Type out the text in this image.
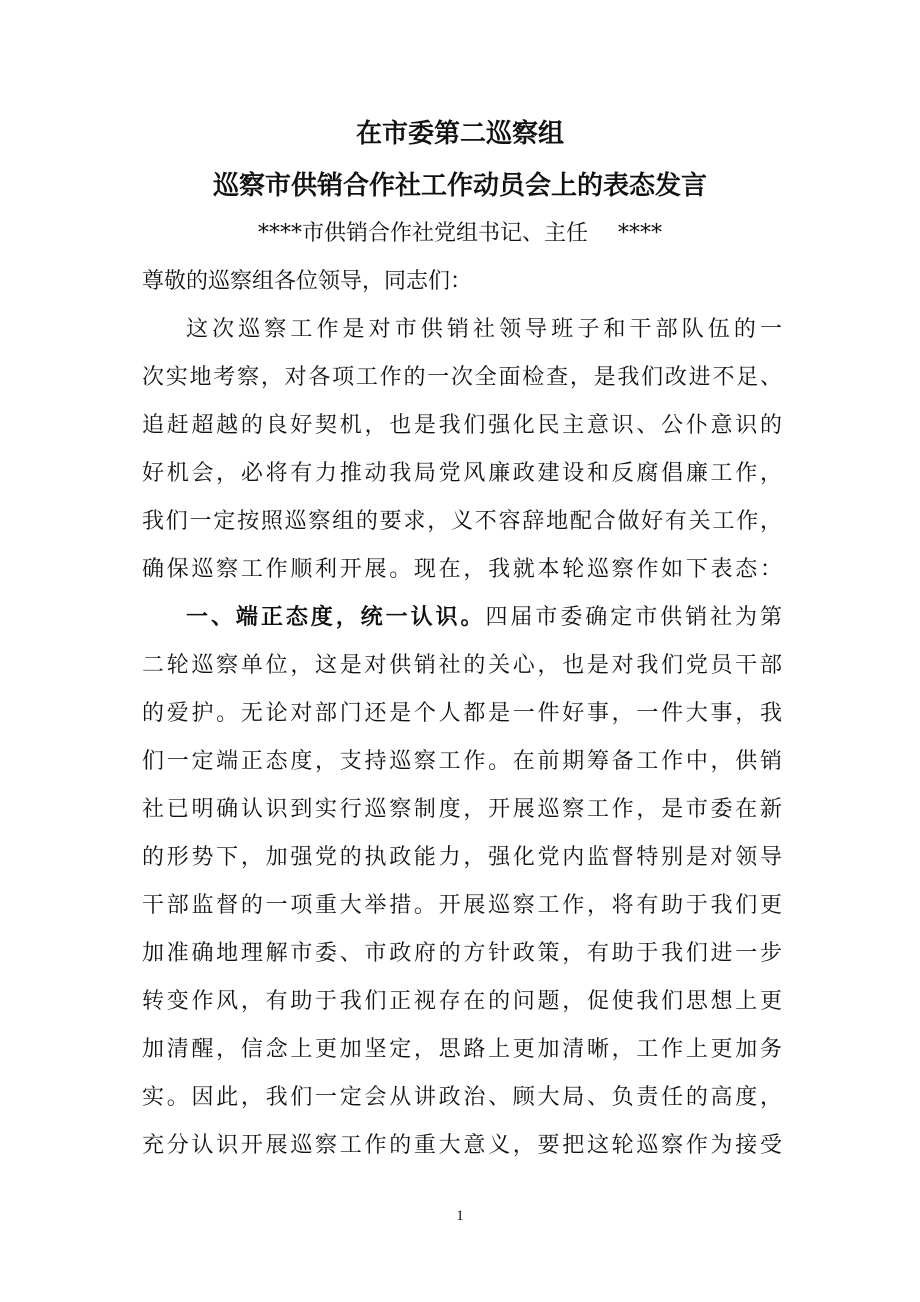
在市委第二巡察组
巡察市供销合作社工作动员会上的表态发言
****市供销合作社党组书记、主任 ****
尊敬的巡察组各位领导，同志们：
这次巡察工作是对市供销社领导班子和干部队伍的一
次实地考察，对各项工作的一次全面检查，是我们改进不足、
追赶超越的良好契机，也是我们强化民主意识、公仆意识的
好机会，必将有力推动我局党风廉政建设和反腐倡廉工作，
我们一定按照巡察组的要求，义不容辞地配合做好有关工作，
确保巡察工作顺利开展。现在，我就本轮巡察作如下表态：
一、端正态度，统一认识。四届市委确定市供销社为第
二轮巡察单位，这是对供销社的关心，也是对我们党员干部
的爱护。无论对部门还是个人都是一件好事，一件大事，我
们一定端正态度，支持巡察工作。在前期筹备工作中，供销
社已明确认识到实行巡察制度，开展巡察工作，是市委在新
的形势下，加强党的执政能力，强化党内监督特别是对领导
干部监督的一项重大举措。开展巡察工作，将有助于我们更
加准确地理解市委、市政府的方针政策，有助于我们进一步
转变作风，有助于我们正视存在的问题，促使我们思想上更
加清醒，信念上更加坚定，思路上更加清晰，工作上更加务
实。因此，我们一定会从讲政治、顾大局、负责任的高度，
充分认识开展巡察工作的重大意义，要把这轮巡察作为接受
1
